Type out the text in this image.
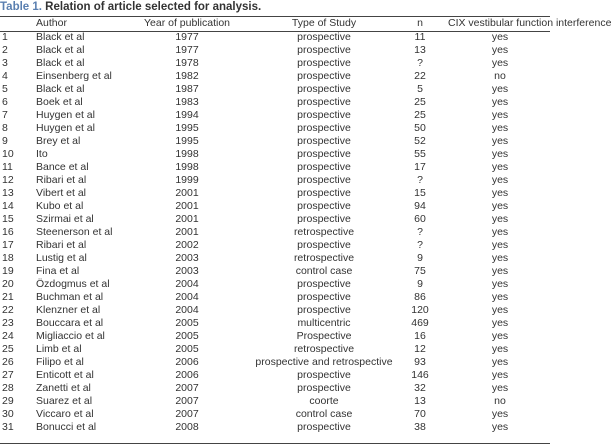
Table 1. Relation of article selected for analysis.
	Author	Year of publication	Type of Study	n	CIX vestibular function interference
1	Black et al	1977	prospective	11	yes
2	Black et al	1977	prospective	13	yes
3	Black et al	1978	prospective	?	yes
4	Einsenberg et al	1982	prospective	22	no
5	Black et al	1987	prospective	5	yes
6	Boek et al	1983	prospective	25	yes
7	Huygen et al	1994	prospective	25	yes
8	Huygen et al	1995	prospective	50	yes
9	Brey et al	1995	prospective	52	yes
10	Ito	1998	prospective	55	yes
11	Bance et al	1998	prospective	17	yes
12	Ribari et al	1999	prospective	?	yes
13	Vibert et al	2001	prospective	15	yes
14	Kubo et al	2001	prospective	94	yes
15	Szirmai et al	2001	prospective	60	yes
16	Steenerson et al	2001	retrospective	?	yes
17	Ribari et al	2002	prospective	?	yes
18	Lustig et al	2003	retrospective	9	yes
19	Fina et al	2003	control case	75	yes
20	Özdogmus et al	2004	prospective	9	yes
21	Buchman et al	2004	prospective	86	yes
22	Klenzner et al	2004	prospective	120	yes
23	Bouccara et al	2005	multicentric	469	yes
24	Migliaccio et al	2005	Prospective	16	yes
25	Limb et al	2005	retrospective	12	yes
26	Filipo et al	2006	prospective and retrospective	93	yes
27	Enticott et al	2006	prospective	146	yes
28	Zanetti et al	2007	prospective	32	yes
29	Suarez et al	2007	coorte	13	no
30	Viccaro et al	2007	control case	70	yes
31	Bonucci et al	2008	prospective	38	yes
